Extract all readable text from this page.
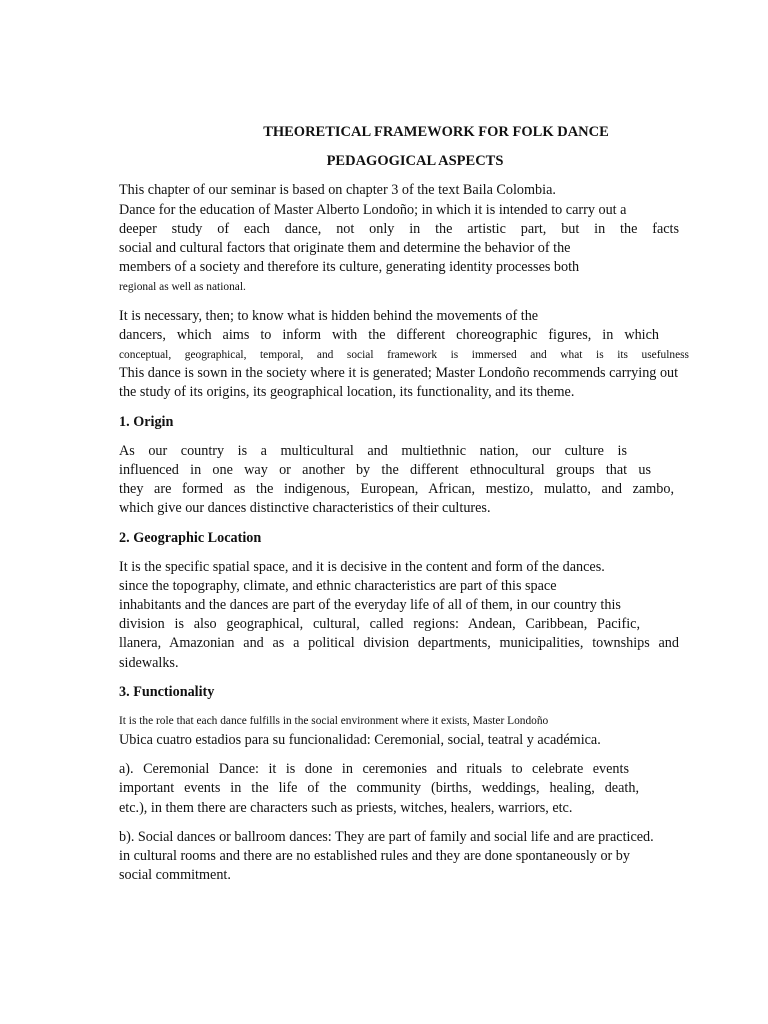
THEORETICAL FRAMEWORK FOR FOLK DANCE
PEDAGOGICAL ASPECTS
This chapter of our seminar is based on chapter 3 of the text Baila Colombia.
Dance for the education of Master Alberto Londoño; in which it is intended to carry out a
deeper study of each dance, not only in the artistic part, but in the facts
social and cultural factors that originate them and determine the behavior of the
members of a society and therefore its culture, generating identity processes both
regional as well as national.
It is necessary, then; to know what is hidden behind the movements of the
dancers, which aims to inform with the different choreographic figures, in which
conceptual, geographical, temporal, and social framework is immersed and what is its usefulness
This dance is sown in the society where it is generated; Master Londoño recommends carrying out
the study of its origins, its geographical location, its functionality, and its theme.
1. Origin
As our country is a multicultural and multiethnic nation, our culture is
influenced in one way or another by the different ethnocultural groups that us
they are formed as the indigenous, European, African, mestizo, mulatto, and zambo,
which give our dances distinctive characteristics of their cultures.
2. Geographic Location
It is the specific spatial space, and it is decisive in the content and form of the dances.
since the topography, climate, and ethnic characteristics are part of this space
inhabitants and the dances are part of the everyday life of all of them, in our country this
division is also geographical, cultural, called regions: Andean, Caribbean, Pacific,
llanera, Amazonian and as a political division departments, municipalities, townships and
sidewalks.
3. Functionality
It is the role that each dance fulfills in the social environment where it exists, Master Londoño
Ubica cuatro estadios para su funcionalidad: Ceremonial, social, teatral y académica.
a). Ceremonial Dance: it is done in ceremonies and rituals to celebrate events
important events in the life of the community (births, weddings, healing, death,
etc.), in them there are characters such as priests, witches, healers, warriors, etc.
b). Social dances or ballroom dances: They are part of family and social life and are practiced.
in cultural rooms and there are no established rules and they are done spontaneously or by
social commitment.
